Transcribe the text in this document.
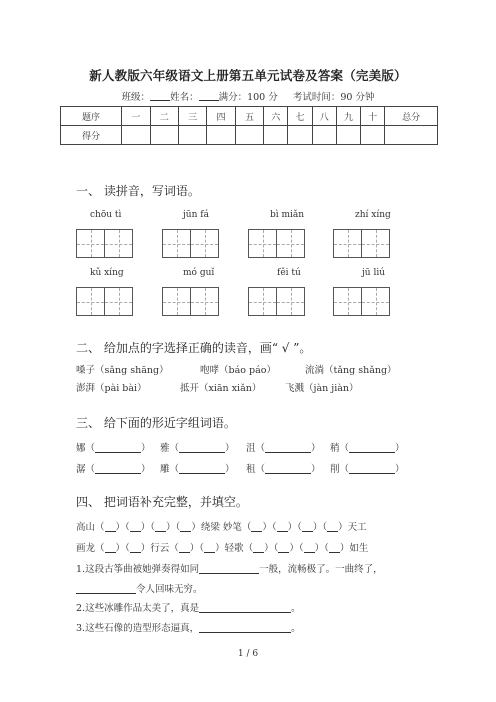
新人教版六年级语文上册第五单元试卷及答案（完美版）
班级： 姓名： 满分：100 分 考试时间：90 分钟
题序	一	二	三	四	五	六	七	八	九	十	总分
得分											
一、 读拼音，写词语。
chōu tì	jūn fá	bì miǎn	zhí xíng
kǔ xíng	mó guǐ	fěi tú	jū liú
二、 给加点的字选择正确的读音，画“ √ ”。
嗓子（sǎng shāng）	咆哮（báo páo）	流淌（tǎng shǎng）
澎湃（pài bài）	抵开（xiān xiǎn） 飞溅（jàn jiàn）
三、 给下面的形近字组词语。
娜（	） 雅（	） 沮（	） 稍（	）
潺（	） 雕（	） 租（	） 削（	）
四、 把词语补充完整，并填空。
高山（ ）（ ）（ ）（ ）绕梁 妙笔（ ）（ ）（ ）（ ）天工
画龙（ ）（ ）行云（ ）（ ）轻歌（ ）（ ）（ ）（ ）如生
1.这段古筝曲被她弹奏得如同	一般，流畅极了。一曲终了，
令人回味无穷。
2.这些冰雕作品太美了，真是	。
3.这些石像的造型形态逼真，	。
1 / 6
